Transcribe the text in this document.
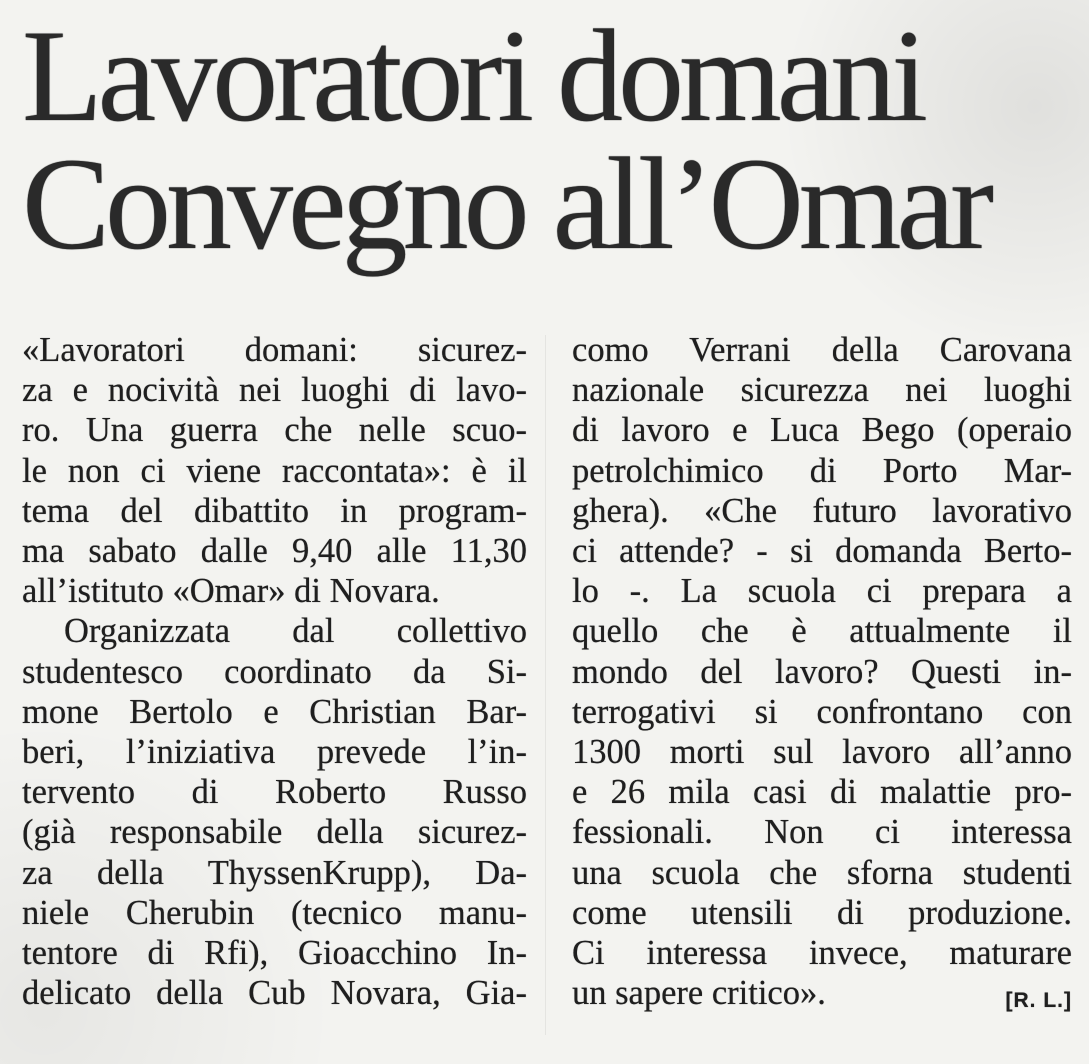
Lavoratori domani
Convegno all’Omar
«Lavoratori domani: sicurez-
za e nocività nei luoghi di lavo-
ro. Una guerra che nelle scuo-
le non ci viene raccontata»: è il
tema del dibattito in program-
ma sabato dalle 9,40 alle 11,30
all’istituto «Omar» di Novara.
Organizzata dal collettivo
studentesco coordinato da Si-
mone Bertolo e Christian Bar-
beri, l’iniziativa prevede l’in-
tervento di Roberto Russo
(già responsabile della sicurez-
za della ThyssenKrupp), Da-
niele Cherubin (tecnico manu-
tentore di Rfi), Gioacchino In-
delicato della Cub Novara, Gia-
como Verrani della Carovana
nazionale sicurezza nei luoghi
di lavoro e Luca Bego (operaio
petrolchimico di Porto Mar-
ghera). «Che futuro lavorativo
ci attende? - si domanda Berto-
lo -. La scuola ci prepara a
quello che è attualmente il
mondo del lavoro? Questi in-
terrogativi si confrontano con
1300 morti sul lavoro all’anno
e 26 mila casi di malattie pro-
fessionali. Non ci interessa
una scuola che sforna studenti
come utensili di produzione.
Ci interessa invece, maturare
un sapere critico».	[R. L.]
